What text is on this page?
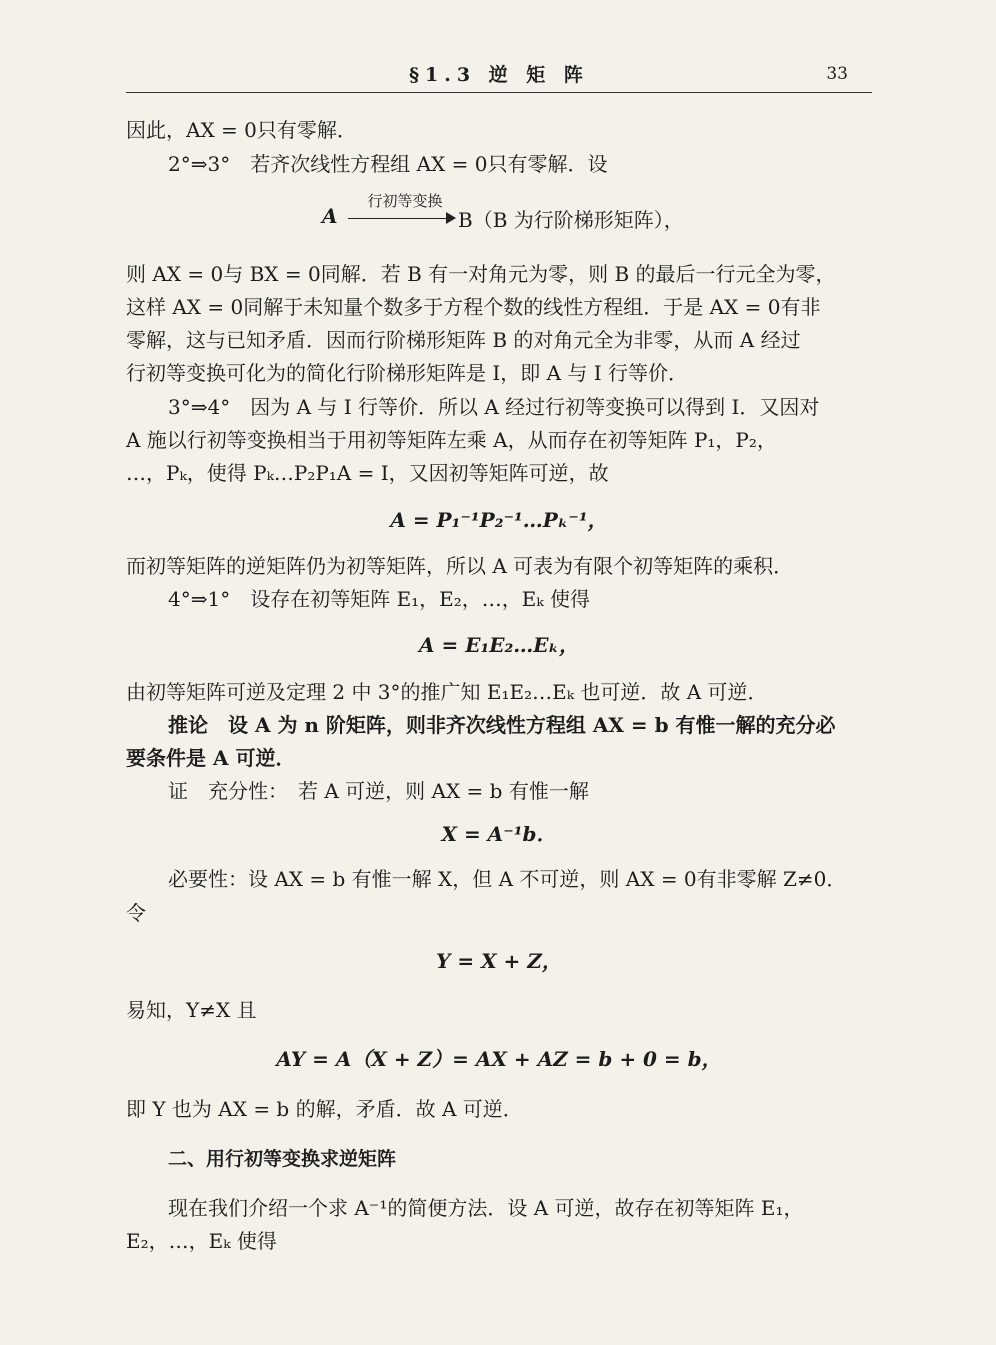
§1.3 逆 矩 阵	33
因此，AX = 0只有零解．
2°⇒3°　若齐次线性方程组 AX = 0只有零解．设
A
行初等变换
B（B 为行阶梯形矩阵），
则 AX = 0与 BX = 0同解．若 B 有一对角元为零，则 B 的最后一行元全为零，
这样 AX = 0同解于未知量个数多于方程个数的线性方程组．于是 AX = 0有非
零解，这与已知矛盾．因而行阶梯形矩阵 B 的对角元全为非零，从而 A 经过
行初等变换可化为的简化行阶梯形矩阵是 I，即 A 与 I 行等价．
3°⇒4°　因为 A 与 I 行等价．所以 A 经过行初等变换可以得到 I．又因对
A 施以行初等变换相当于用初等矩阵左乘 A，从而存在初等矩阵 P₁，P₂，
…，Pₖ，使得 Pₖ…P₂P₁A = I，又因初等矩阵可逆，故
A = P₁⁻¹P₂⁻¹…Pₖ⁻¹，
而初等矩阵的逆矩阵仍为初等矩阵，所以 A 可表为有限个初等矩阵的乘积．
4°⇒1°　设存在初等矩阵 E₁，E₂，…，Eₖ 使得
A = E₁E₂…Eₖ，
由初等矩阵可逆及定理 2 中 3°的推广知 E₁E₂…Eₖ 也可逆．故 A 可逆．
推论　设 A 为 n 阶矩阵，则非齐次线性方程组 AX = b 有惟一解的充分必
要条件是 A 可逆．
证　充分性：　若 A 可逆，则 AX = b 有惟一解
X = A⁻¹b．
必要性：设 AX = b 有惟一解 X，但 A 不可逆，则 AX = 0有非零解 Z≠0．
令
Y = X + Z，
易知，Y≠X 且
AY = A（X + Z）= AX + AZ = b + 0 = b，
即 Y 也为 AX = b 的解，矛盾．故 A 可逆．
二、用行初等变换求逆矩阵
现在我们介绍一个求 A⁻¹的简便方法．设 A 可逆，故存在初等矩阵 E₁，
E₂，…，Eₖ 使得
